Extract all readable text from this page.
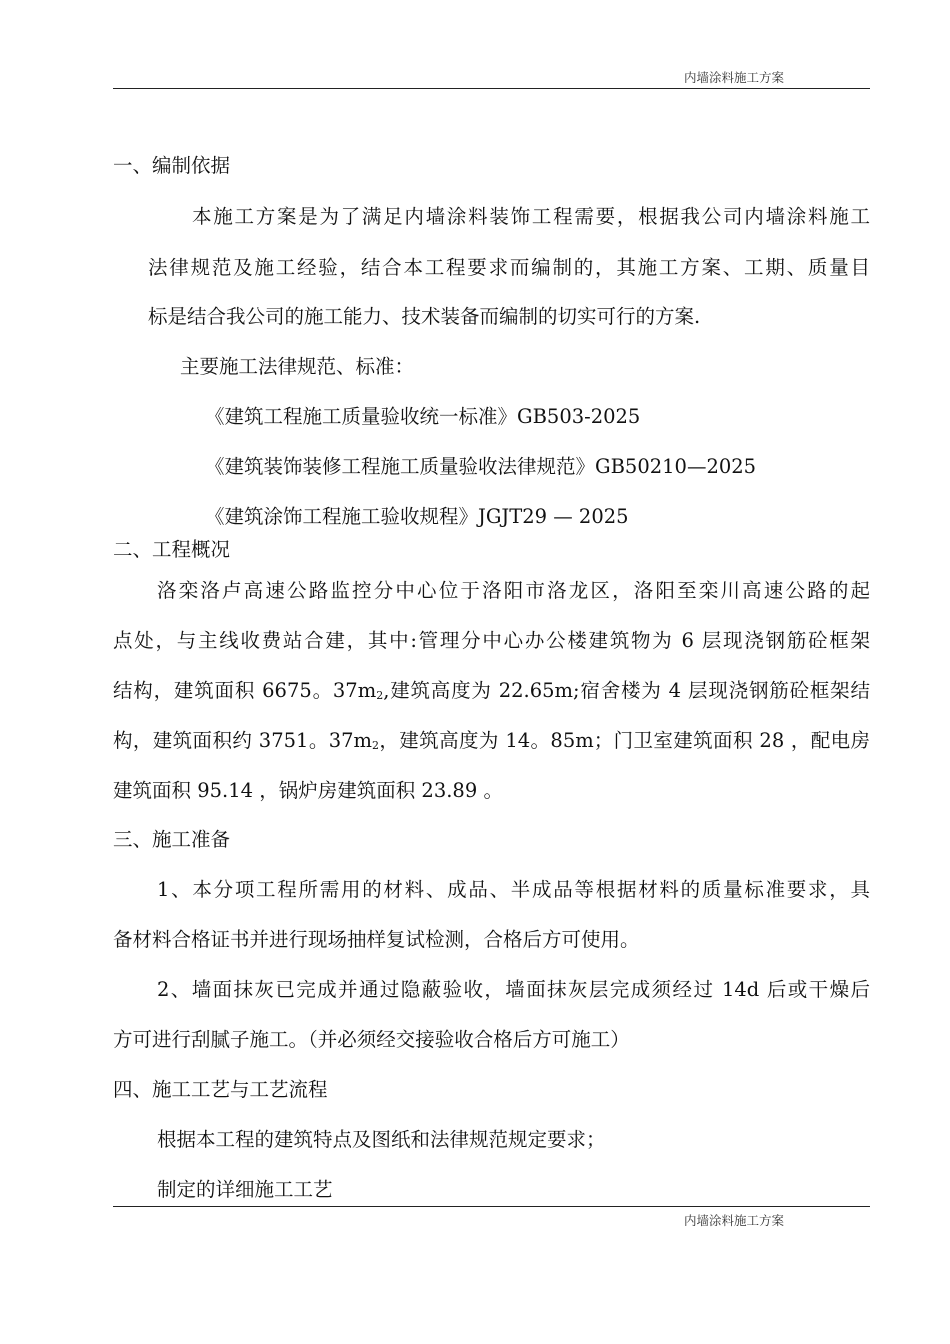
内墙涂料施工方案
一、编制依据
本施工方案是为了满足内墙涂料装饰工程需要，根据我公司内墙涂料施工
法律规范及施工经验，结合本工程要求而编制的，其施工方案、工期、质量目
标是结合我公司的施工能力、技术装备而编制的切实可行的方案.
主要施工法律规范、标准：
《建筑工程施工质量验收统一标准》GB503-2025
《建筑装饰装修工程施工质量验收法律规范》GB50210—2025
《建筑涂饰工程施工验收规程》JGJT29 — 2025
二、工程概况
洛栾洛卢高速公路监控分中心位于洛阳市洛龙区，洛阳至栾川高速公路的起
点处，与主线收费站合建，其中:管理分中心办公楼建筑物为 6 层现浇钢筋砼框架
结构，建筑面积 6675。$37m_2$,建筑高度为 22.65m;宿舍楼为 4 层现浇钢筋砼框架结
构，建筑面积约 3751。$37m_2$，建筑高度为 14。85m；门卫室建筑面积 28 ，配电房
建筑面积 95.14 ，锅炉房建筑面积 23.89 。
三、施工准备
1、本分项工程所需用的材料、成品、半成品等根据材料的质量标准要求，具
备材料合格证书并进行现场抽样复试检测，合格后方可使用。
2、墙面抹灰已完成并通过隐蔽验收，墙面抹灰层完成须经过 14d 后或干燥后
方可进行刮腻子施工。（并必须经交接验收合格后方可施工）
四、施工工艺与工艺流程
根据本工程的建筑特点及图纸和法律规范规定要求；
制定的详细施工工艺
内墙涂料施工方案
